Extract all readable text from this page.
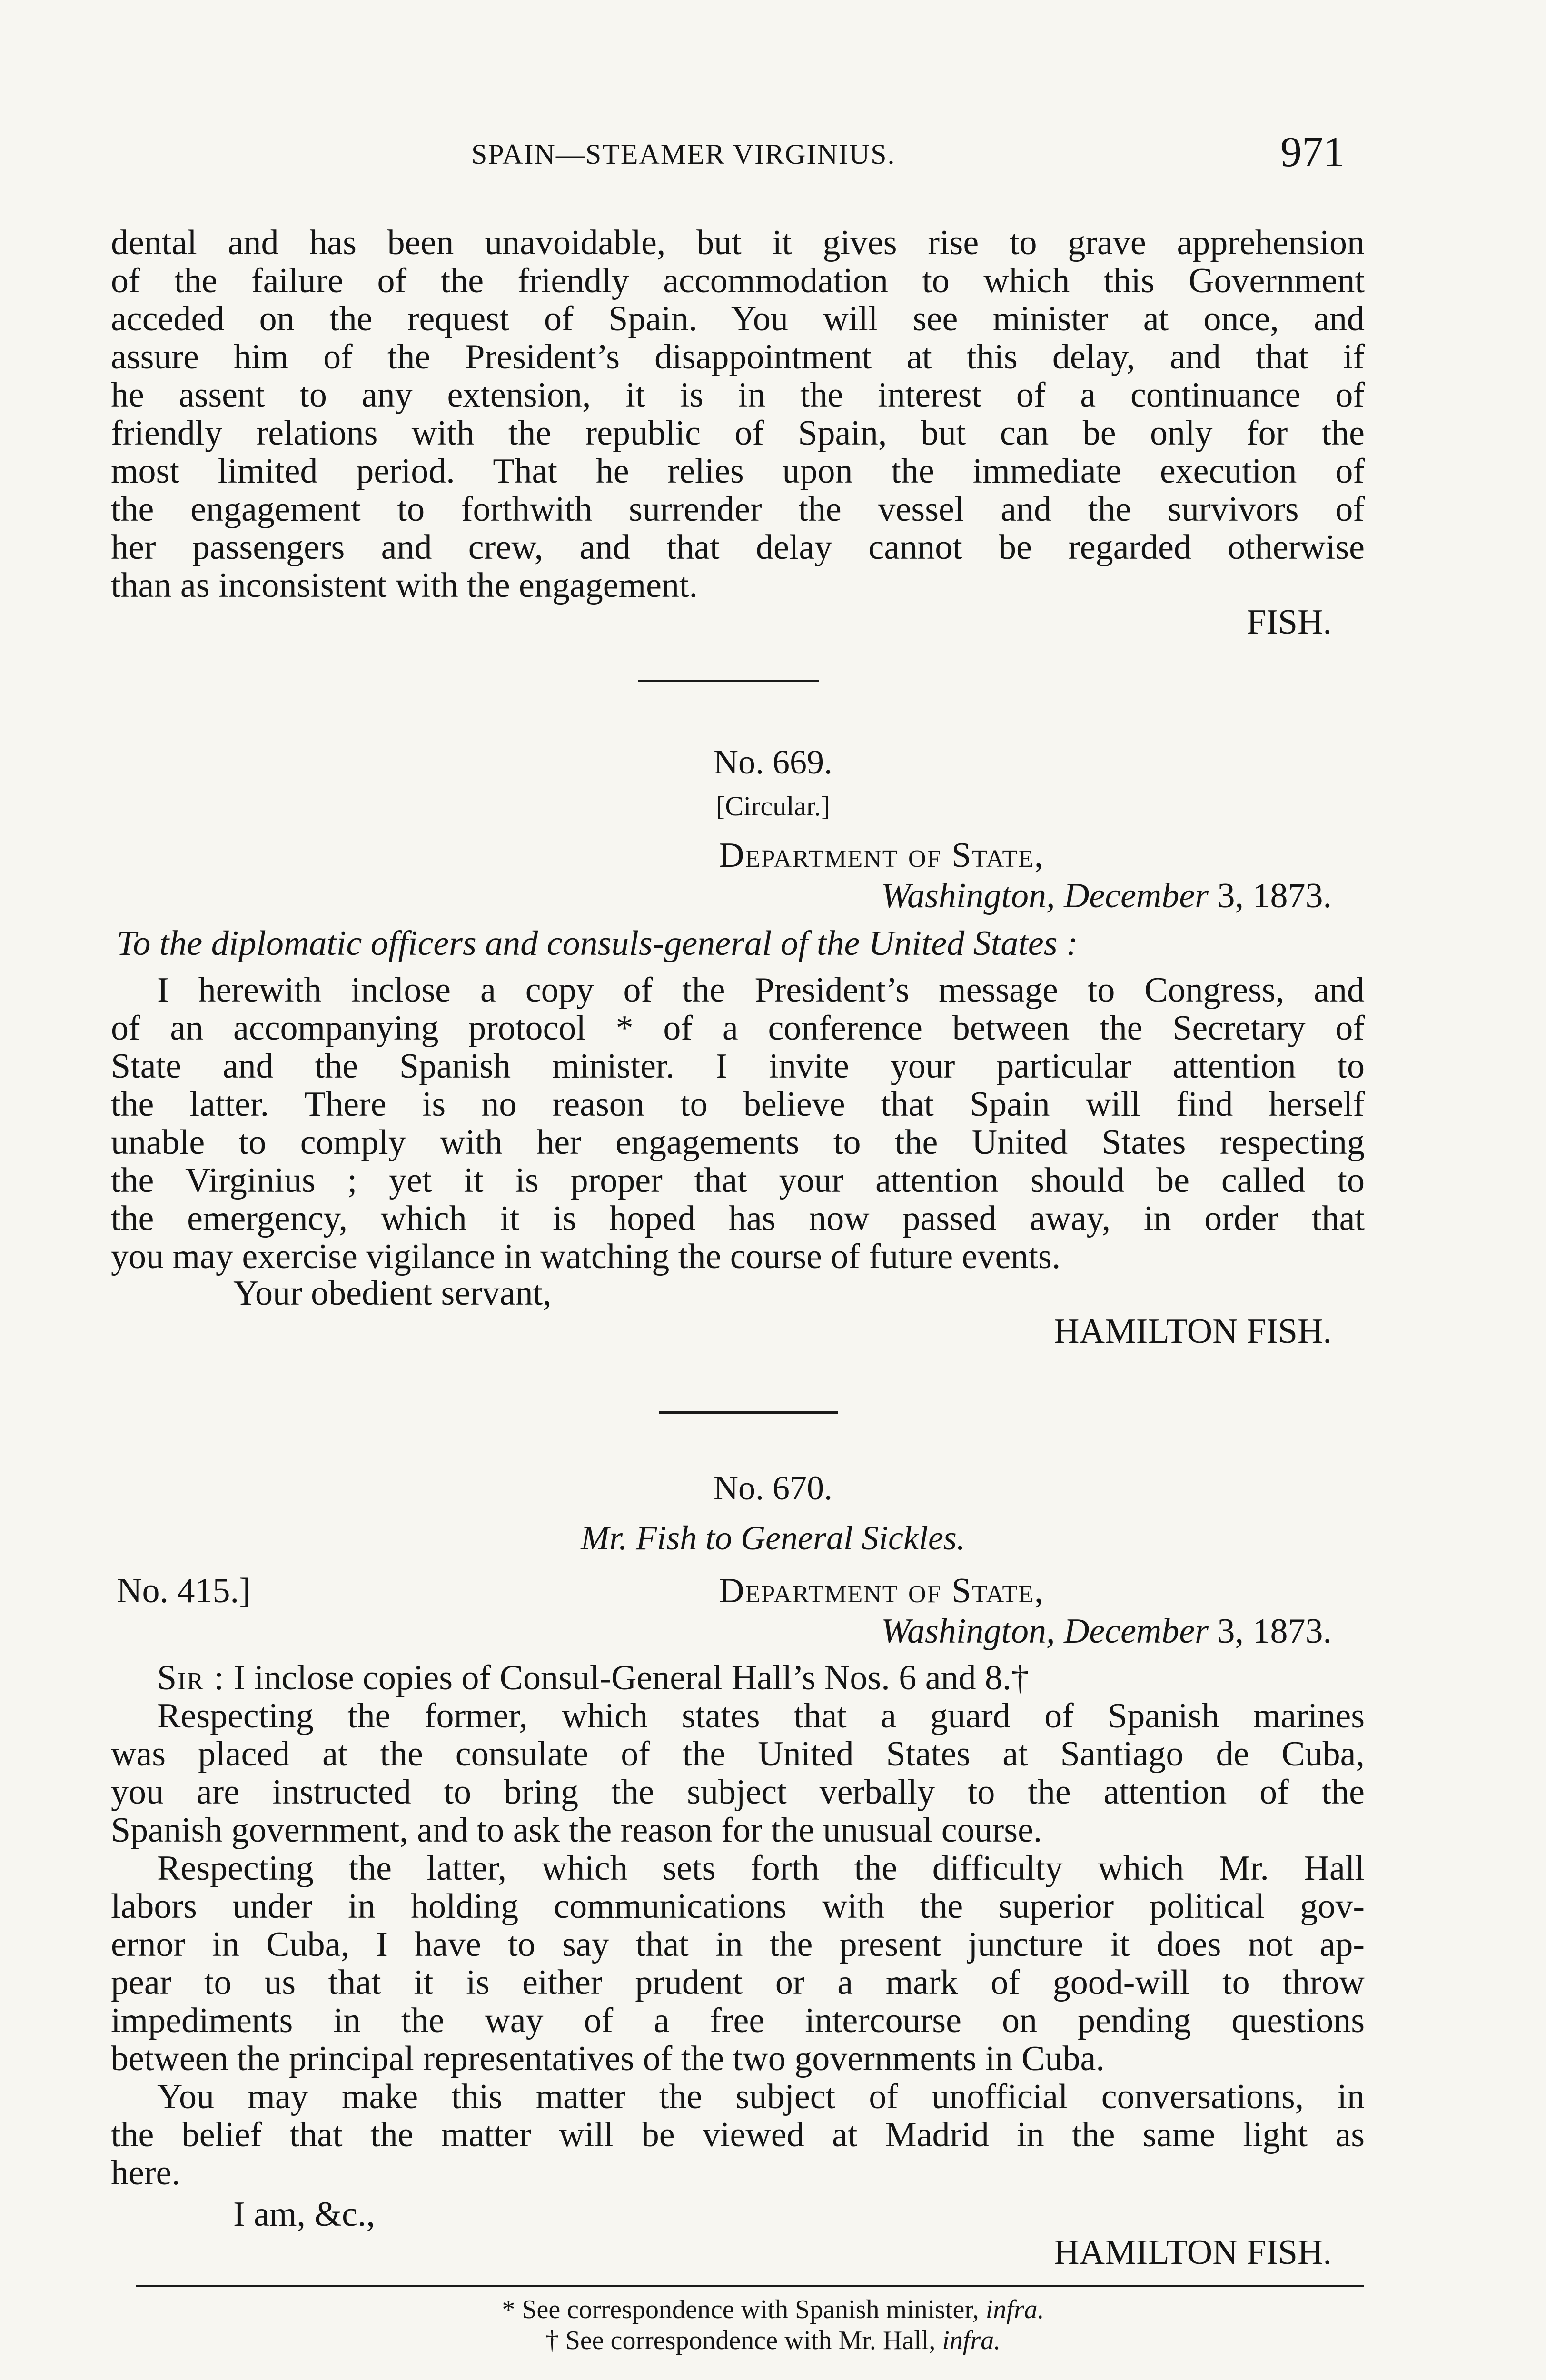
SPAIN—STEAMER VIRGINIUS.	971
dental and has been unavoidable, but it gives rise to grave apprehension
of the failure of the friendly accommodation to which this Government
acceded on the request of Spain. You will see minister at once, and
assure him of the President’s disappointment at this delay, and that if
he assent to any extension, it is in the interest of a continuance of
friendly relations with the republic of Spain, but can be only for the
most limited period. That he relies upon the immediate execution of
the engagement to forthwith surrender the vessel and the survivors of
her passengers and crew, and that delay cannot be regarded otherwise
than as inconsistent with the engagement.
FISH.
No. 669.
[Circular.]
Department of State,
Washington, December 3, 1873.
To the diplomatic officers and consuls-general of the United States :
I herewith inclose a copy of the President’s message to Congress, and
of an accompanying protocol * of a conference between the Secretary of
State and the Spanish minister. I invite your particular attention to
the latter. There is no reason to believe that Spain will find herself
unable to comply with her engagements to the United States respecting
the Virginius ; yet it is proper that your attention should be called to
the emergency, which it is hoped has now passed away, in order that
you may exercise vigilance in watching the course of future events.
Your obedient servant,
HAMILTON FISH.
No. 670.
Mr. Fish to General Sickles.
No. 415.]	Department of State,
Washington, December 3, 1873.
Sir : I inclose copies of Consul-General Hall’s Nos. 6 and 8.†
Respecting the former, which states that a guard of Spanish marines
was placed at the consulate of the United States at Santiago de Cuba,
you are instructed to bring the subject verbally to the attention of the
Spanish government, and to ask the reason for the unusual course.
Respecting the latter, which sets forth the difficulty which Mr. Hall
labors under in holding communications with the superior political gov-
ernor in Cuba, I have to say that in the present juncture it does not ap-
pear to us that it is either prudent or a mark of good-will to throw
impediments in the way of a free intercourse on pending questions
between the principal representatives of the two governments in Cuba.
You may make this matter the subject of unofficial conversations, in
the belief that the matter will be viewed at Madrid in the same light as
here.
I am, &c.,
HAMILTON FISH.
* See correspondence with Spanish minister, infra.
† See correspondence with Mr. Hall, infra.
